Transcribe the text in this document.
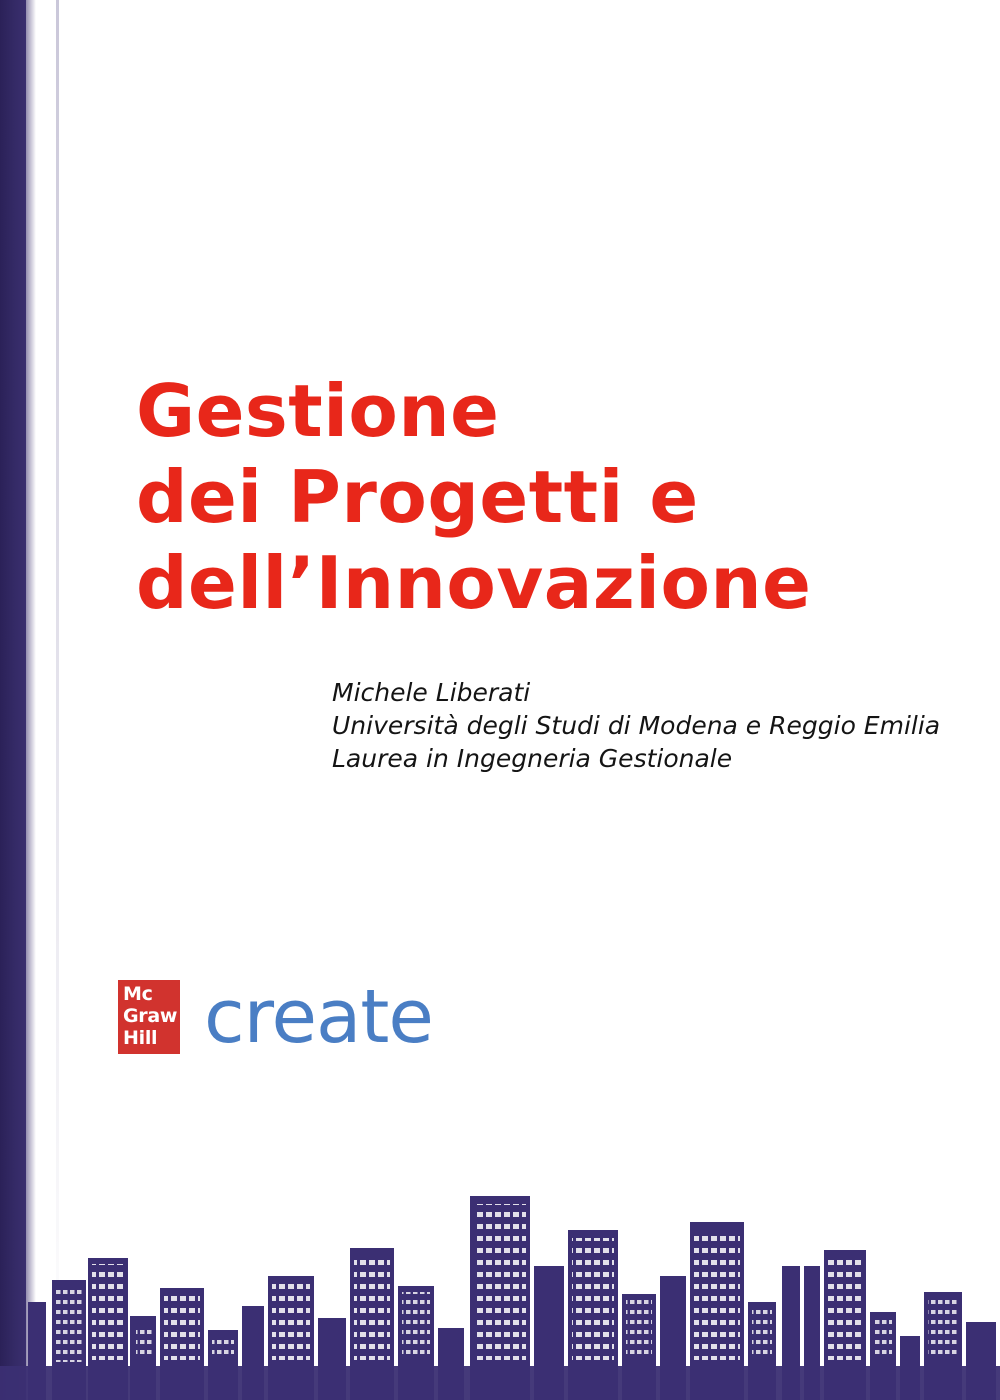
Gestione
dei Progetti e
dell’Innovazione
Michele Liberati
Università degli Studi di Modena e Reggio Emilia
Laurea in Ingegneria Gestionale
Mc
Graw
Hill create
